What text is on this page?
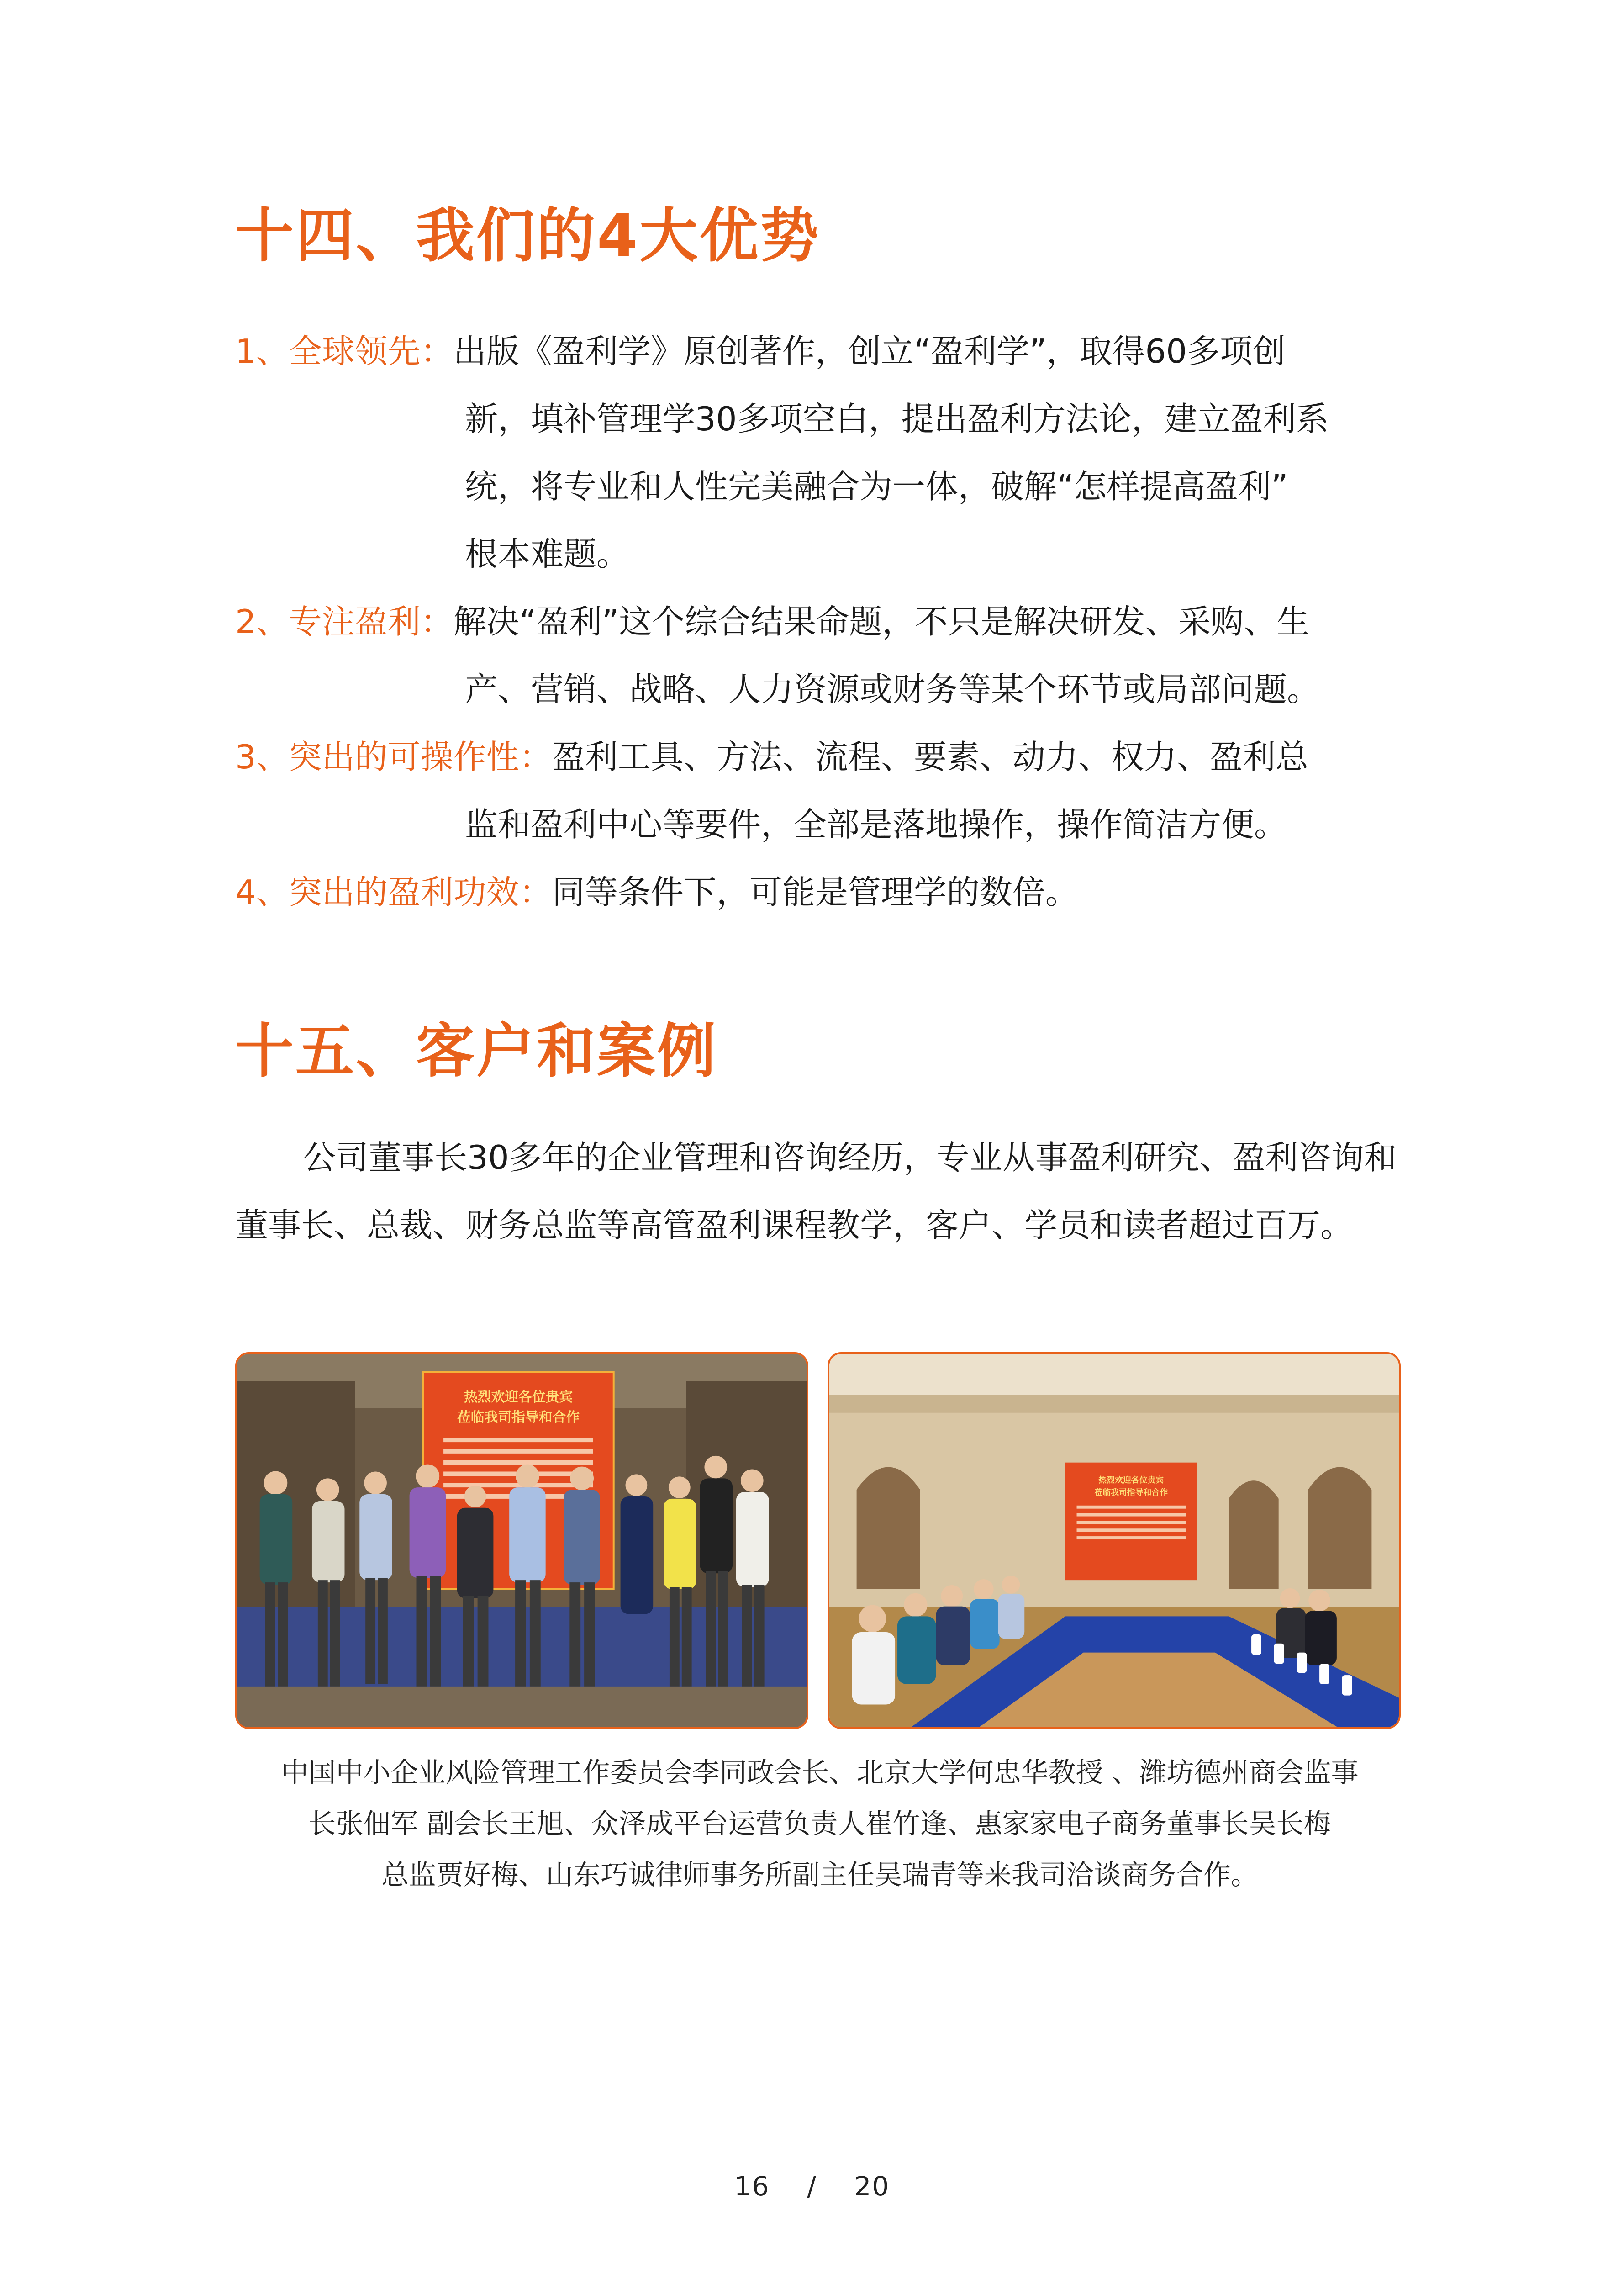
十四、我们的4大优势
1、全球领先：出版《盈利学》原创著作，创立“盈利学”，取得60多项创
新，填补管理学30多项空白，提出盈利方法论，建立盈利系
统，将专业和人性完美融合为一体，破解“怎样提高盈利”
根本难题。
2、专注盈利：解决“盈利”这个综合结果命题，不只是解决研发、采购、生
产、营销、战略、人力资源或财务等某个环节或局部问题。
3、突出的可操作性：盈利工具、方法、流程、要素、动力、权力、盈利总
监和盈利中心等要件，全部是落地操作，操作简洁方便。
4、突出的盈利功效：同等条件下，可能是管理学的数倍。
十五、客户和案例

公司董事长30多年的企业管理和咨询经历，专业从事盈利研究、盈利咨询和董事长、总裁、财务总监等高管盈利课程教学，客户、学员和读者超过百万。

热烈欢迎各位贵宾
莅临我司指导和合作
热烈欢迎各位贵宾
莅临我司指导和合作
中国中小企业风险管理工作委员会李同政会长、北京大学何忠华教授 、潍坊德州商会监事
长张佃军 副会长王旭、众泽成平台运营负责人崔竹逢、惠家家电子商务董事长吴长梅
总监贾好梅、山东巧诚律师事务所副主任吴瑞青等来我司洽谈商务合作。
16 / 20
